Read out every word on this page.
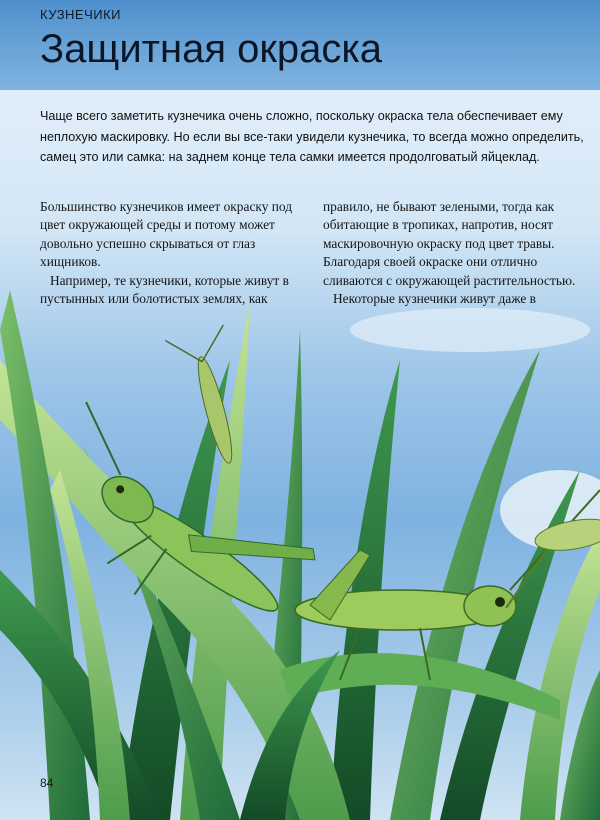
КУЗНЕЧИКИ
Защитная окраска

Чаще всего заметить кузнечика очень сложно, поскольку окраска тела обеспечивает ему неплохую маскировку. Но если вы все-таки увидели кузнечика, то всегда можно определить, самец это или самка: на заднем конце тела самки имеется продолговатый яйцеклад.

Большинство кузнечиков имеет окраску под цвет окружающей среды и потому может довольно успешно скрываться от глаз хищников.

Например, те кузнечики, которые живут в пустынных или болотистых землях, как

правило, не бывают зелеными, тогда как обитающие в тропиках, напротив, носят маскировочную окраску под цвет травы. Благодаря своей окраске они отлично сливаются с окружающей растительностью.

Некоторые кузнечики живут даже в

84
